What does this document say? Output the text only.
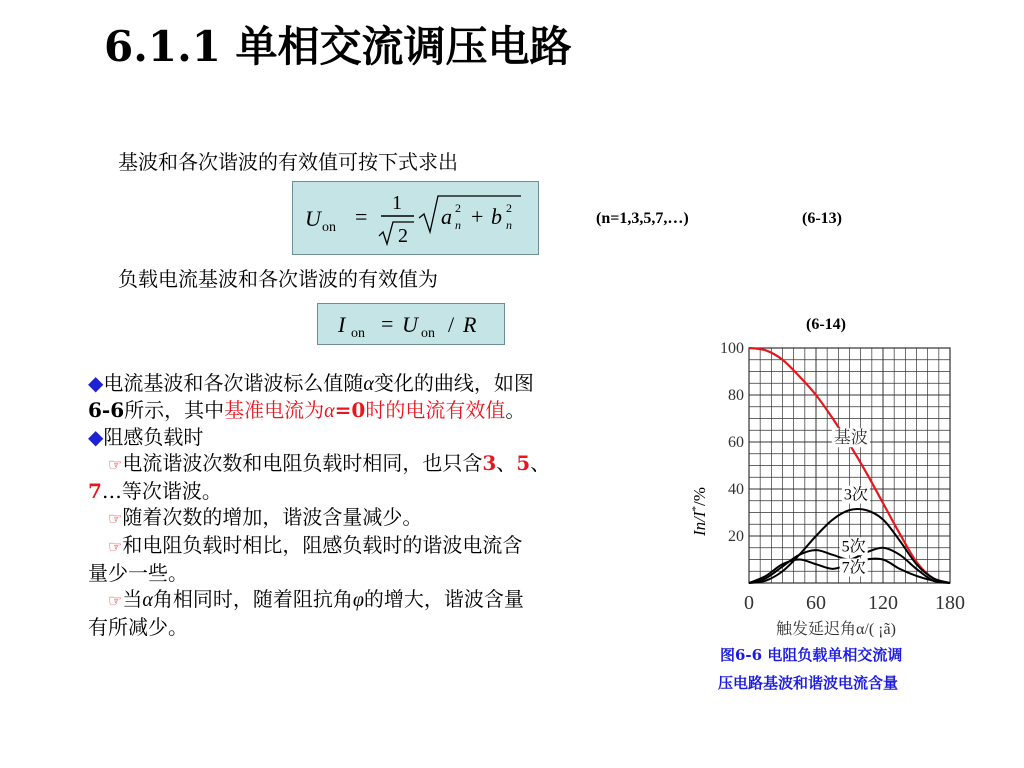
6.1.1 单相交流调压电路
基波和各次谐波的有效值可按下式求出
U on =
1
2
a 2
n + b 2
n	(n=1,3,5,7,…)	(6-13)
负载电流基波和各次谐波的有效值为
I on = U on / R	(6-14)
◆电流基波和各次谐波标么值随α变化的曲线，如图
6-6所示，其中基准电流为α=0时的电流有效值。
◆阻感负载时
☞电流谐波次数和电阻负载时相同，也只含3、5、
7…等次谐波。
☞随着次数的增加，谐波含量减少。
☞和电阻负载时相比，阻感负载时的谐波电流含
量少一些。
☞当α角相同时，随着阻抗角φ的增大，谐波含量
有所减少。
20
40
60
80
100
0	60 120 180
In/I*/%
触发延迟角α/( ¡ã)
基波
3次
5次
7次
图6-6 电阻负载单相交流调
压电路基波和谐波电流含量
